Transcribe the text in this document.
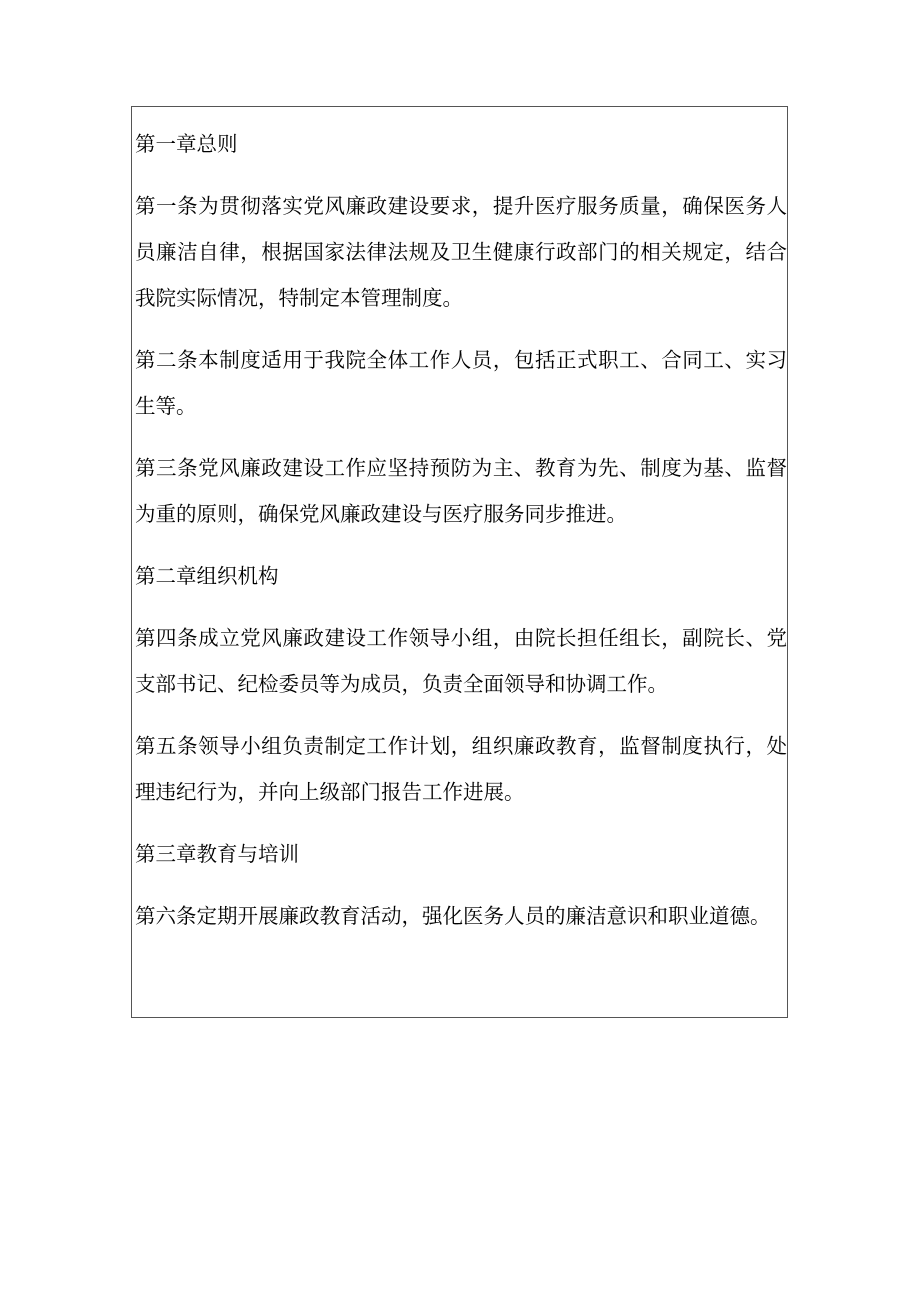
第一章总则

第一条为贯彻落实党风廉政建设要求，提升医疗服务质量，确保医务人员廉洁自律，根据国家法律法规及卫生健康行政部门的相关规定，结合我院实际情况，特制定本管理制度。

第二条本制度适用于我院全体工作人员，包括正式职工、合同工、实习生等。

第三条党风廉政建设工作应坚持预防为主、教育为先、制度为基、监督为重的原则，确保党风廉政建设与医疗服务同步推进。

第二章组织机构

第四条成立党风廉政建设工作领导小组，由院长担任组长，副院长、党支部书记、纪检委员等为成员，负责全面领导和协调工作。

第五条领导小组负责制定工作计划，组织廉政教育，监督制度执行，处理违纪行为，并向上级部门报告工作进展。

第三章教育与培训

第六条定期开展廉政教育活动，强化医务人员的廉洁意识和职业道德。
